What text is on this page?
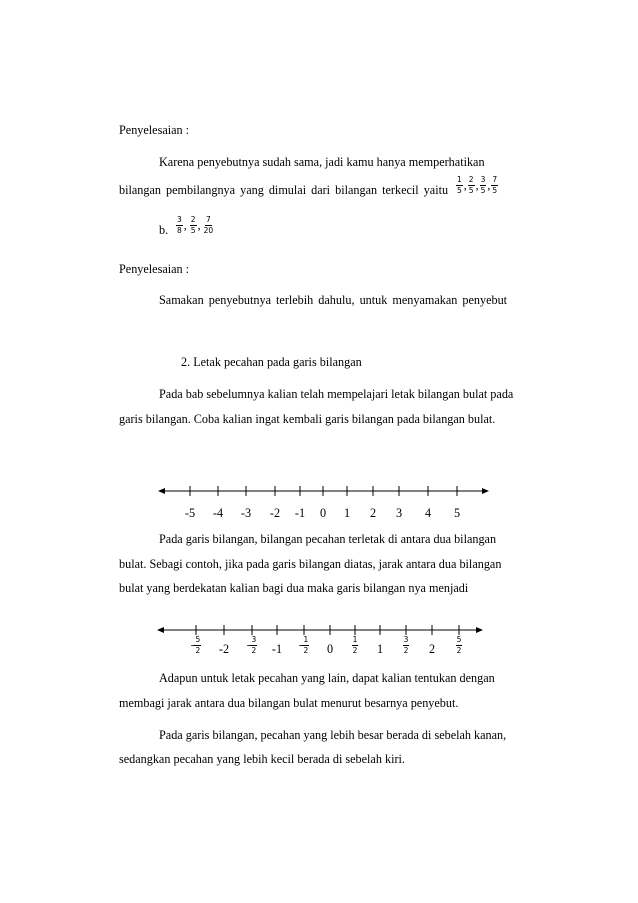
Penyelesaian :
Karena penyebutnya sudah sama, jadi kamu hanya memperhatikan
bilangan pembilangnya yang dimulai dari bilangan terkecil yaitu $\frac{1}{5}$ , $\frac{2}{5}$ , $\frac{3}{5}$ , $\frac{7}{5}$
b. $\frac{3}{8}$ , $\frac{2}{5}$ , $\frac{7}{20}$
Penyelesaian :
Samakan penyebutnya terlebih dahulu, untuk menyamakan penyebut
2. Letak pecahan pada garis bilangan
Pada bab sebelumnya kalian telah mempelajari letak bilangan bulat pada
garis bilangan. Coba kalian ingat kembali garis bilangan pada bilangan bulat.
-5	-4	-3	-2	-1	0	1	2	3	4	5
- $\frac{5}{2}$	-2	- $\frac{3}{2}$	-1	- $\frac{1}{2}$	0	$\frac{1}{2}$	1	$\frac{3}{2}$	2	$\frac{5}{2}$
Pada garis bilangan, bilangan pecahan terletak di antara dua bilangan
bulat. Sebagi contoh, jika pada garis bilangan diatas, jarak antara dua bilangan
bulat yang berdekatan kalian bagi dua maka garis bilangan nya menjadi
Adapun untuk letak pecahan yang lain, dapat kalian tentukan dengan
membagi jarak antara dua bilangan bulat menurut besarnya penyebut.
Pada garis bilangan, pecahan yang lebih besar berada di sebelah kanan,
sedangkan pecahan yang lebih kecil berada di sebelah kiri.
